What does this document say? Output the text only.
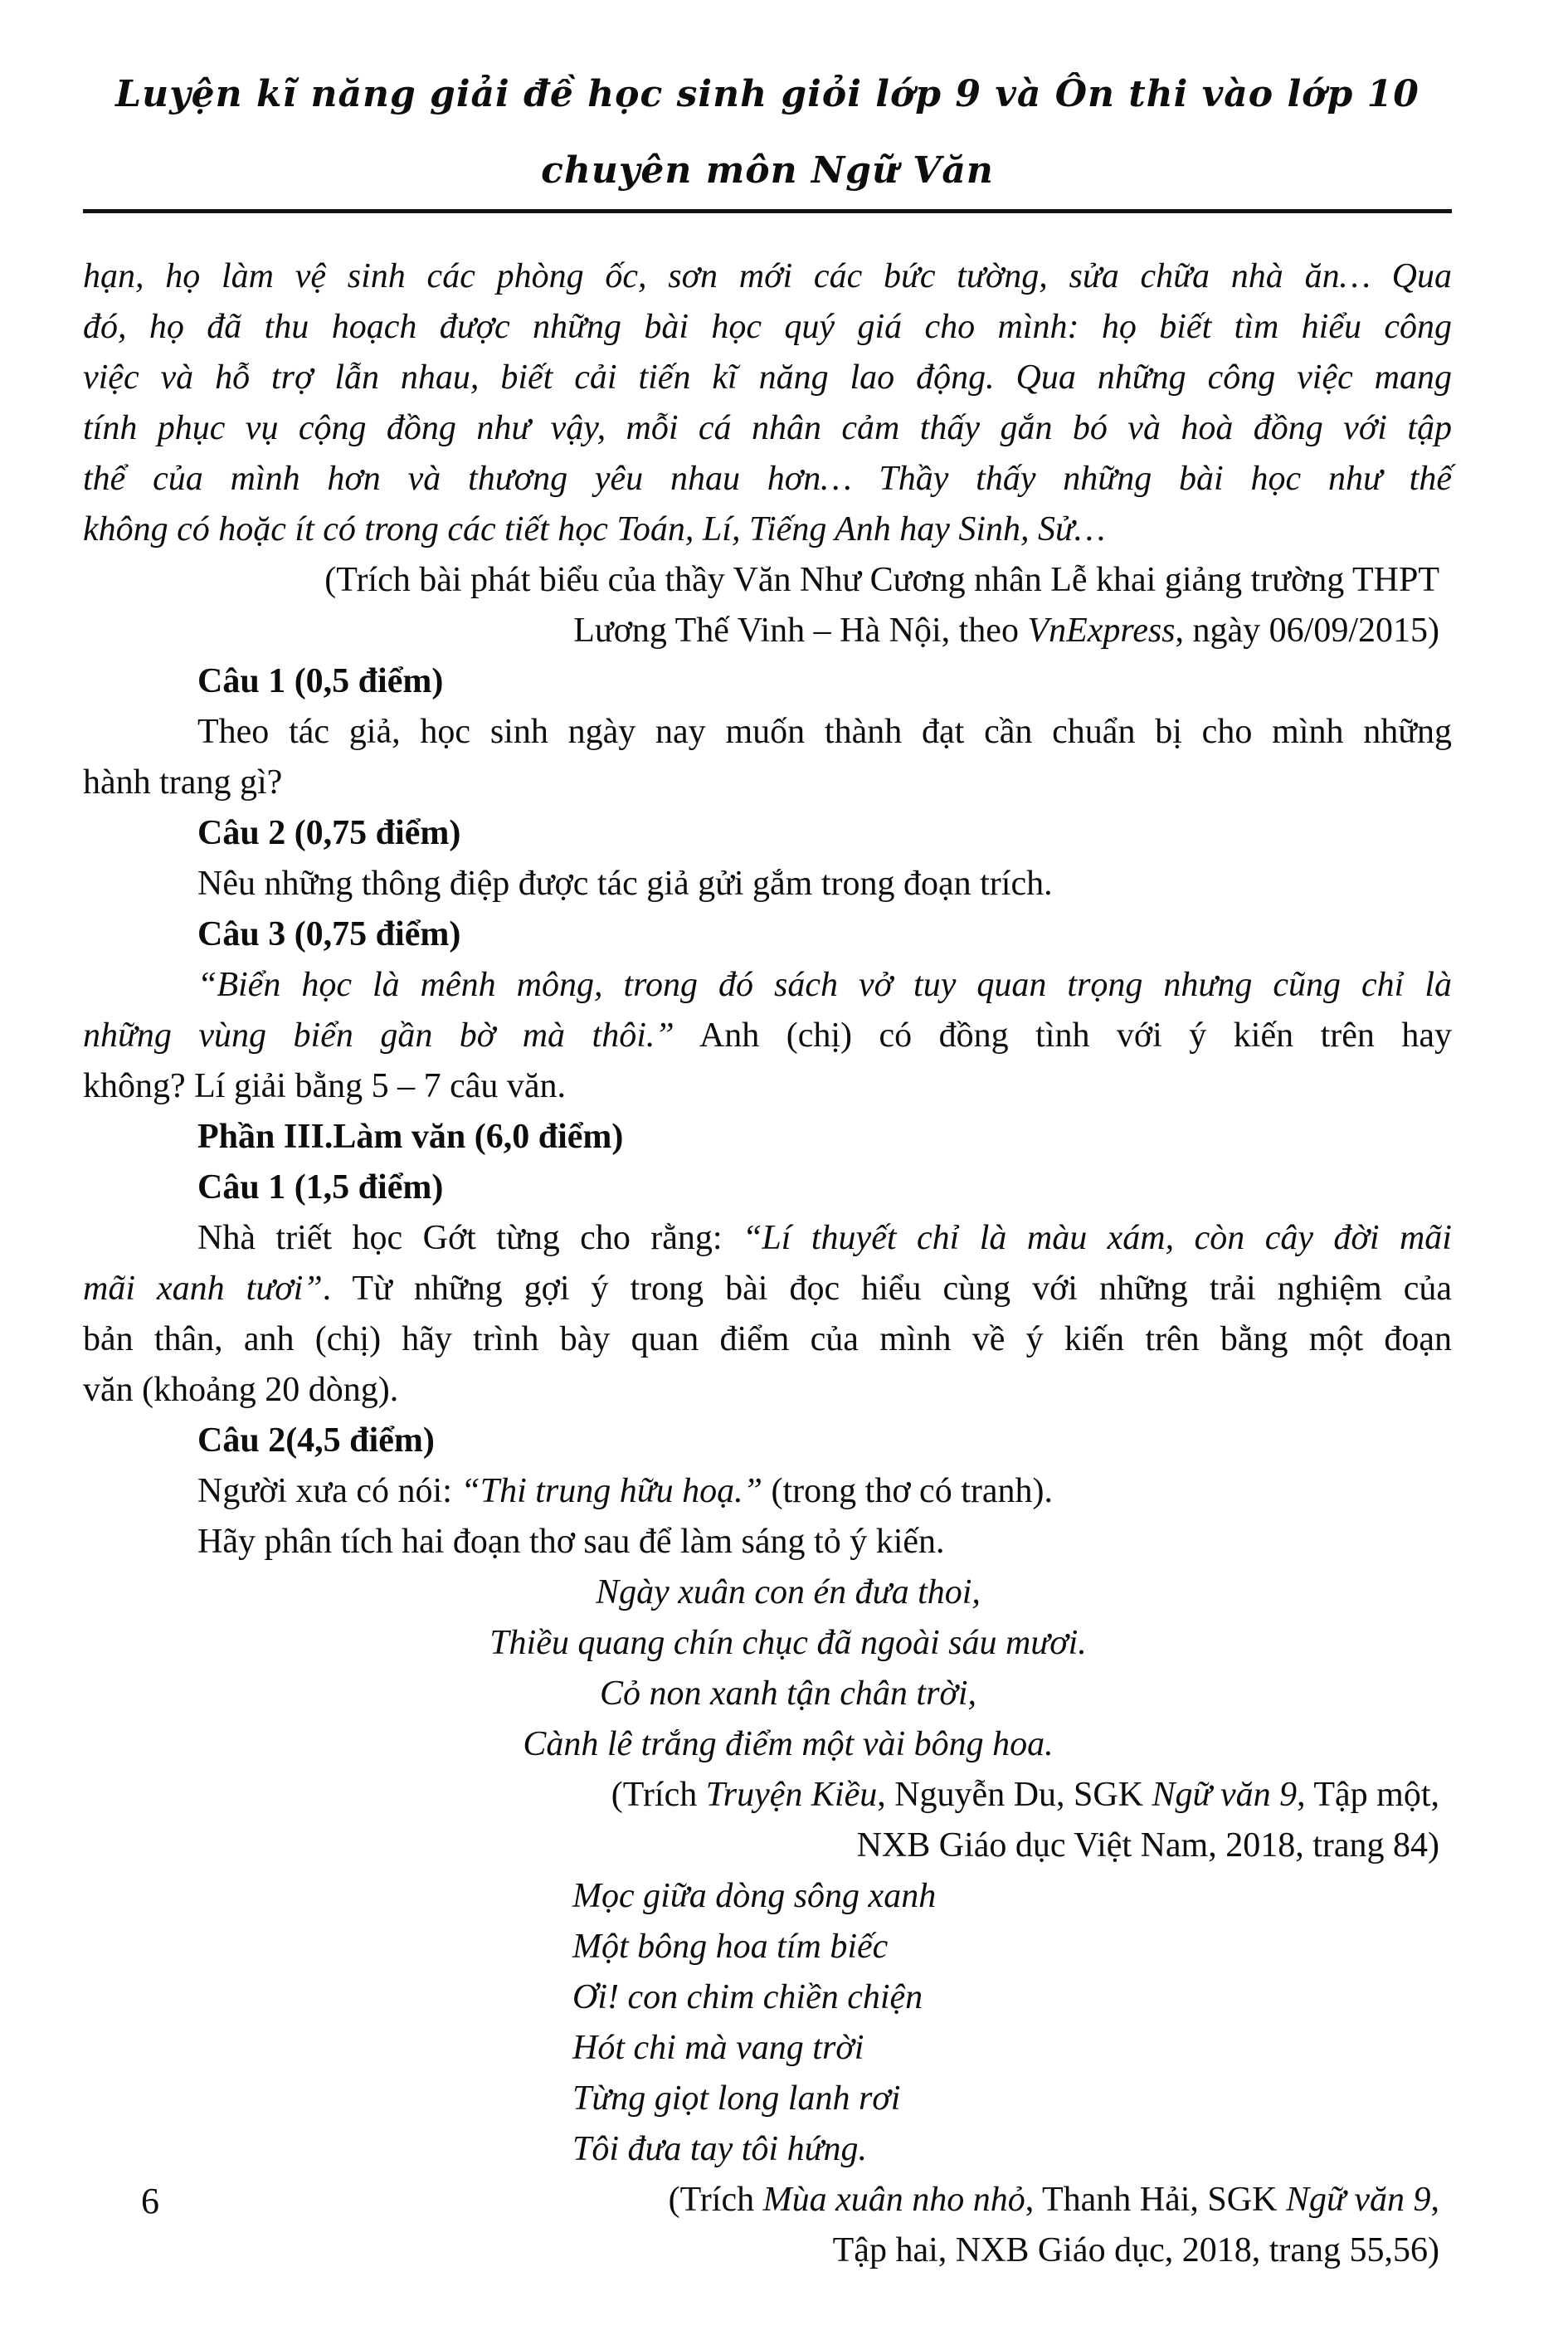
Luyện kĩ năng giải đề học sinh giỏi lớp 9 và Ôn thi vào lớp 10 chuyên môn Ngữ Văn
hạn, họ làm vệ sinh các phòng ốc, sơn mới các bức tường, sửa chữa nhà ăn… Qua
đó, họ đã thu hoạch được những bài học quý giá cho mình: họ biết tìm hiểu công
việc và hỗ trợ lẫn nhau, biết cải tiến kĩ năng lao động. Qua những công việc mang
tính phục vụ cộng đồng như vậy, mỗi cá nhân cảm thấy gắn bó và hoà đồng với tập
thể của mình hơn và thương yêu nhau hơn… Thầy thấy những bài học như thế
không có hoặc ít có trong các tiết học Toán, Lí, Tiếng Anh hay Sinh, Sử…
(Trích bài phát biểu của thầy Văn Như Cương nhân Lễ khai giảng trường THPT
Lương Thế Vinh – Hà Nội, theo VnExpress, ngày 06/09/2015)
Câu 1 (0,5 điểm)
Theo tác giả, học sinh ngày nay muốn thành đạt cần chuẩn bị cho mình những
hành trang gì?
Câu 2 (0,75 điểm)
Nêu những thông điệp được tác giả gửi gắm trong đoạn trích.
Câu 3 (0,75 điểm)
“Biển học là mênh mông, trong đó sách vở tuy quan trọng nhưng cũng chỉ là
những vùng biển gần bờ mà thôi.” Anh (chị) có đồng tình với ý kiến trên hay
không? Lí giải bằng 5 – 7 câu văn.
Phần III.Làm văn (6,0 điểm)
Câu 1 (1,5 điểm)
Nhà triết học Gớt từng cho rằng: “Lí thuyết chỉ là màu xám, còn cây đời mãi
mãi xanh tươi”. Từ những gợi ý trong bài đọc hiểu cùng với những trải nghiệm của
bản thân, anh (chị) hãy trình bày quan điểm của mình về ý kiến trên bằng một đoạn
văn (khoảng 20 dòng).
Câu 2(4,5 điểm)
Người xưa có nói: “Thi trung hữu hoạ.” (trong thơ có tranh).
Hãy phân tích hai đoạn thơ sau để làm sáng tỏ ý kiến.
Ngày xuân con én đưa thoi,
Thiều quang chín chục đã ngoài sáu mươi.
Cỏ non xanh tận chân trời,
Cành lê trắng điểm một vài bông hoa.
(Trích Truyện Kiều, Nguyễn Du, SGK Ngữ văn 9, Tập một,
NXB Giáo dục Việt Nam, 2018, trang 84)
Mọc giữa dòng sông xanh
Một bông hoa tím biếc
Ơi! con chim chiền chiện
Hót chi mà vang trời
Từng giọt long lanh rơi
Tôi đưa tay tôi hứng.
(Trích Mùa xuân nho nhỏ, Thanh Hải, SGK Ngữ văn 9,
Tập hai, NXB Giáo dục, 2018, trang 55,56)
6
